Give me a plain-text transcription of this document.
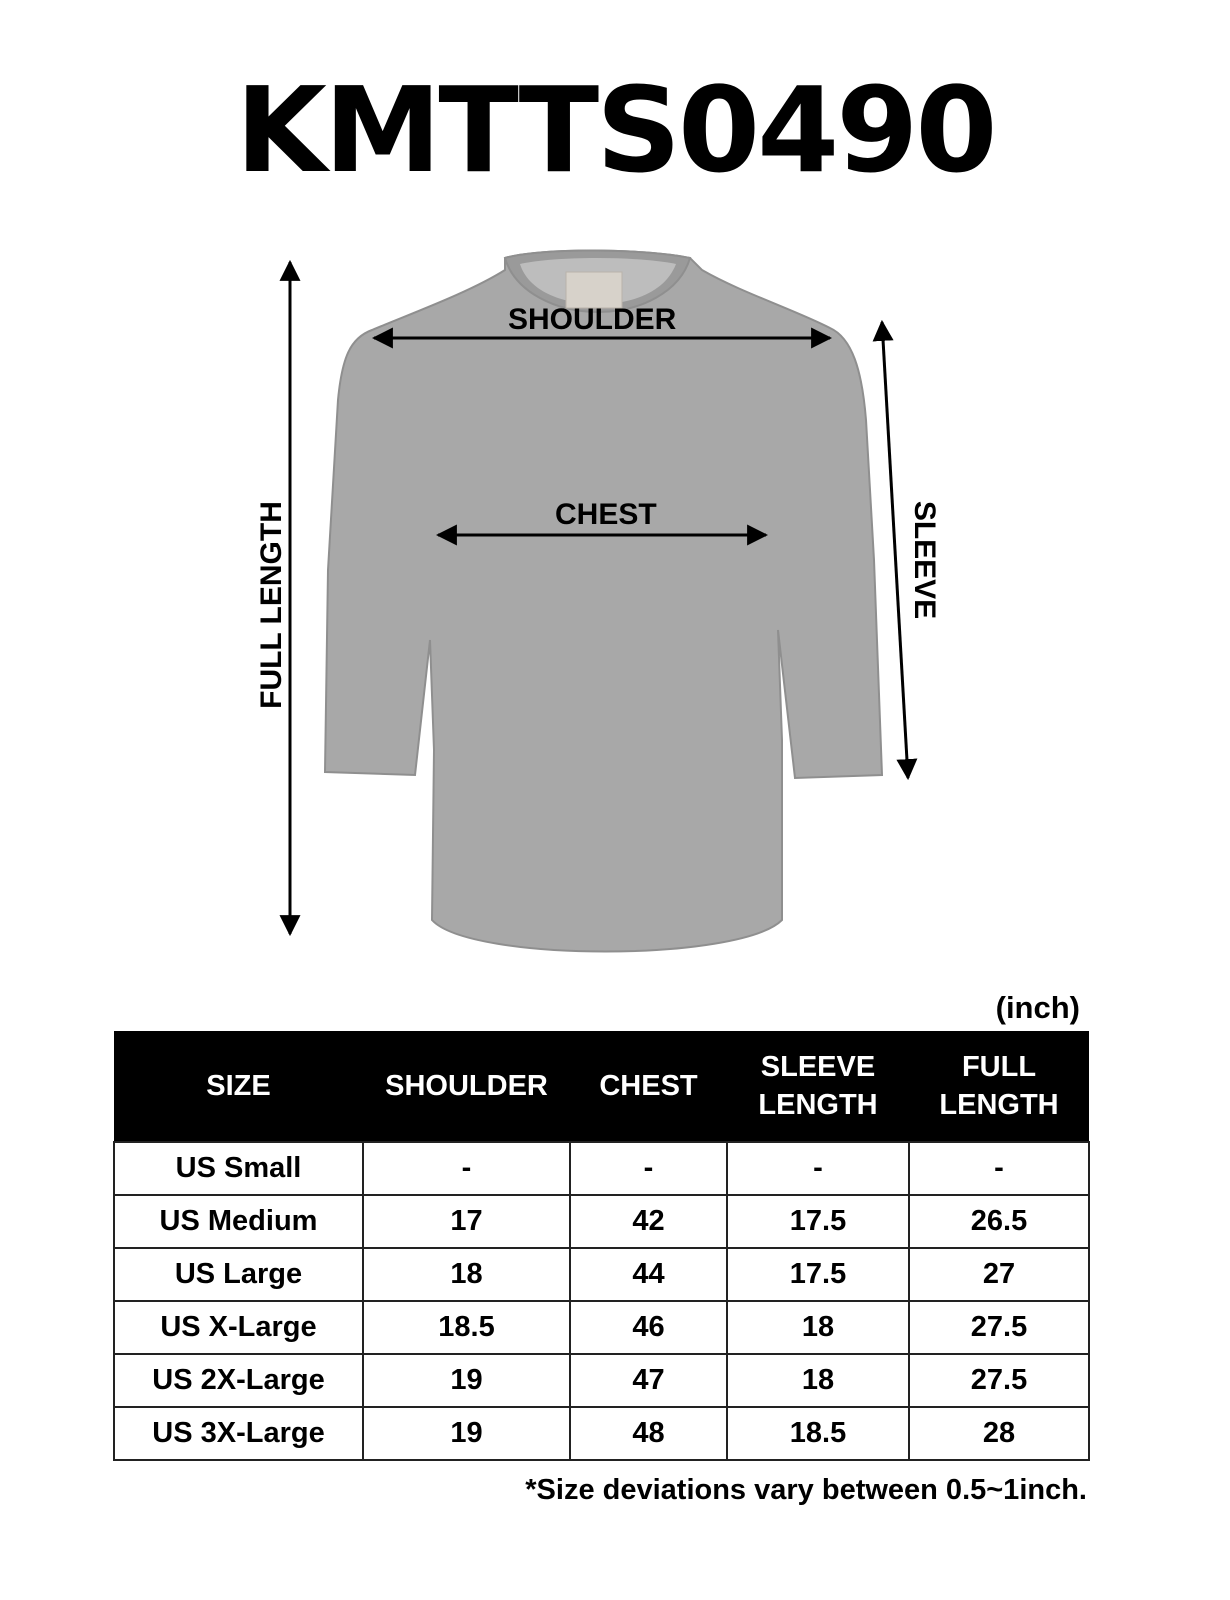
KMTTS0490
SHOULDER
CHEST
FULL LENGTH	SLEEVE
(inch)
SIZE	SHOULDER	CHEST	SLEEVE LENGTH	FULL LENGTH
US Small	-	-	-	-
US Medium	17	42	17.5	26.5
US Large	18	44	17.5	27
US X-Large	18.5	46	18	27.5
US 2X-Large	19	47	18	27.5
US 3X-Large	19	48	18.5	28
*Size deviations vary between 0.5~1inch.
